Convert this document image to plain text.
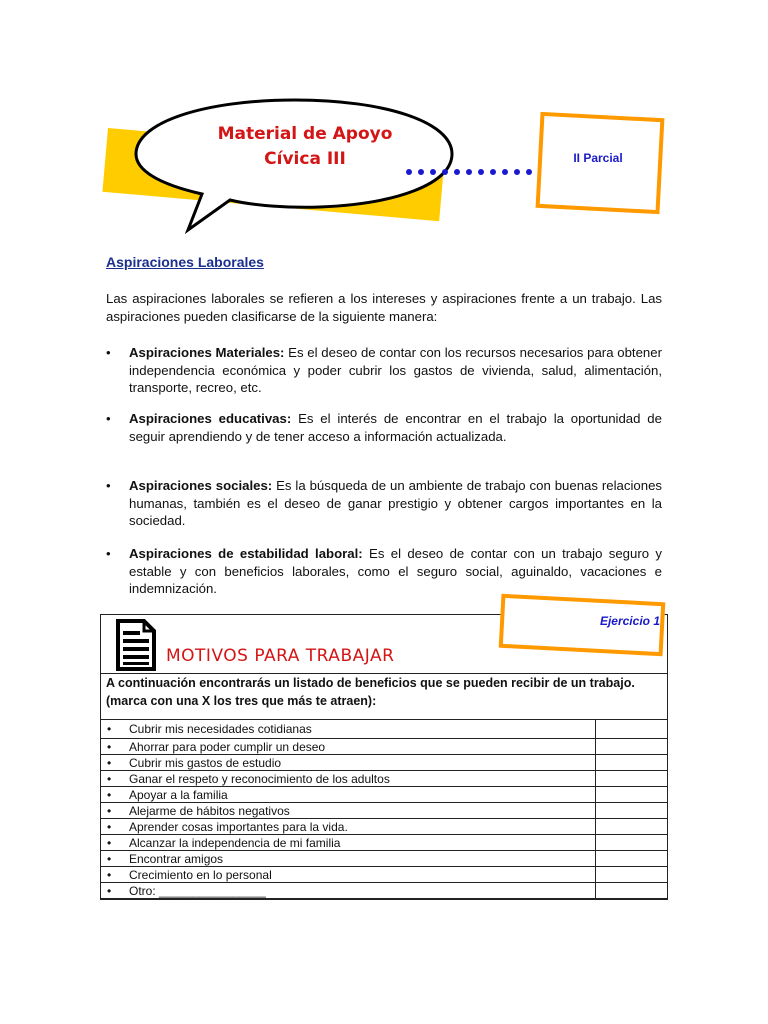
Material de Apoyo
Cívica III	II Parcial
Aspiraciones Laborales

Las aspiraciones laborales se refieren a los intereses y aspiraciones frente a un trabajo. Las aspiraciones pueden clasificarse de la siguiente manera:

• Aspiraciones Materiales: Es el deseo de contar con los recursos necesarios para obtener independencia económica y poder cubrir los gastos de vivienda, salud, alimentación, transporte, recreo, etc.
• Aspiraciones educativas: Es el interés de encontrar en el trabajo la oportunidad de seguir aprendiendo y de tener acceso a información actualizada.
• Aspiraciones sociales: Es la búsqueda de un ambiente de trabajo con buenas relaciones humanas, también es el deseo de ganar prestigio y obtener cargos importantes en la sociedad.
• Aspiraciones de estabilidad laboral: Es el deseo de contar con un trabajo seguro y estable y con beneficios laborales, como el seguro social, aguinaldo, vacaciones e indemnización.
MOTIVOS PARA TRABAJAR
Ejercicio 1

A continuación encontrarás un listado de beneficios que se pueden recibir de un trabajo. (marca con una X los tres que más te atraen):

• Cubrir mis necesidades cotidianas	
• Ahorrar para poder cumplir un deseo	
• Cubrir mis gastos de estudio	
• Ganar el respeto y reconocimiento de los adultos	
• Apoyar a la familia	
• Alejarme de hábitos negativos	
• Aprender cosas importantes para la vida.	
• Alcanzar la independencia de mi familia	
• Encontrar amigos	
• Crecimiento en lo personal	
• Otro: ________________	
